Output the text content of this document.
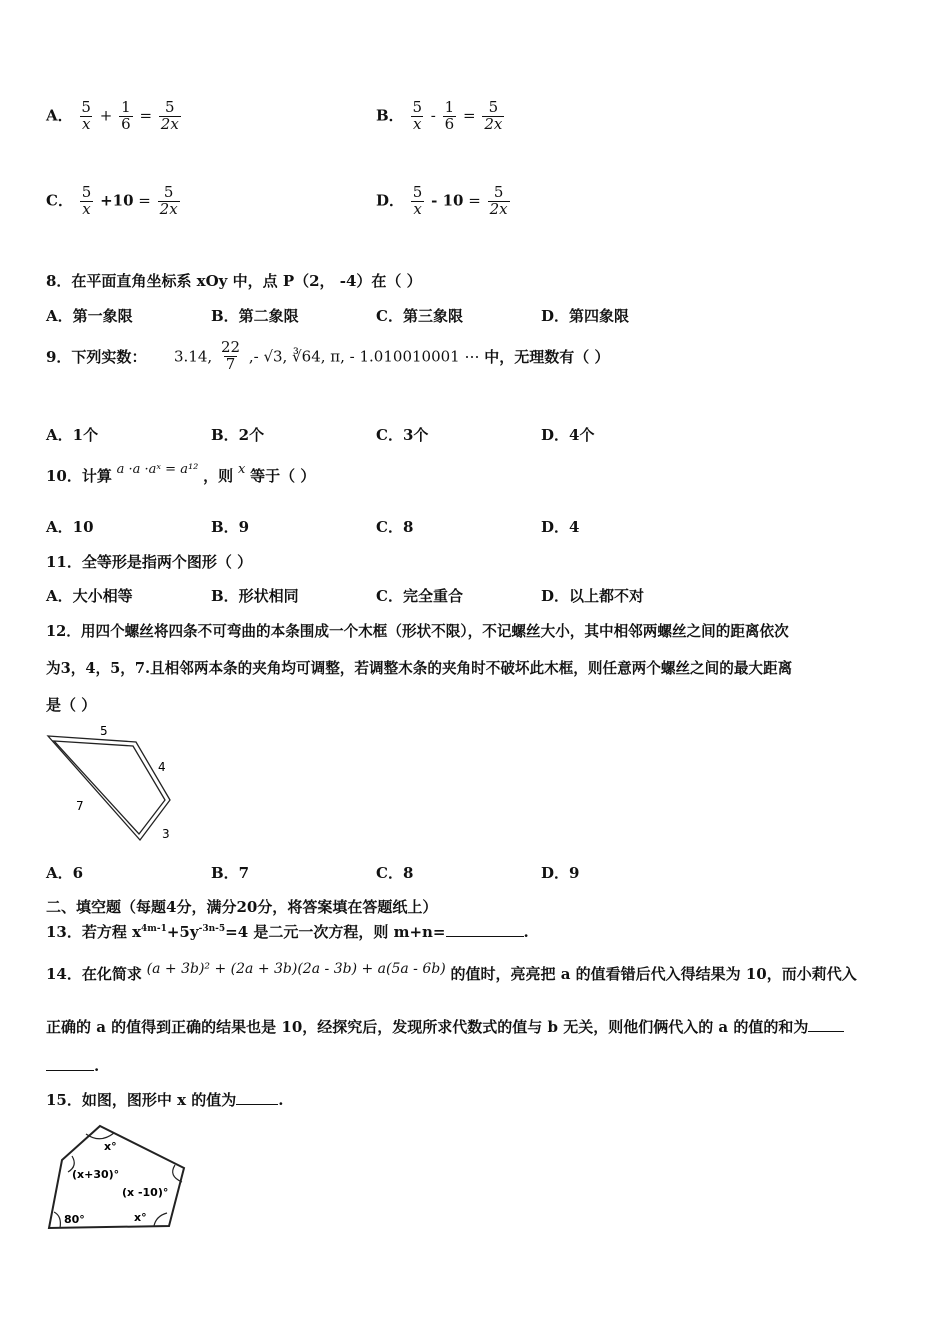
A． $\frac{5}{x} + \frac{1}{6} = \frac{5}{2x}$	B． $\frac{5}{x} - \frac{1}{6} = \frac{5}{2x}$
C． $\frac{5}{x} +10 = \frac{5}{2x}$	D． $\frac{5}{x} - 10 = \frac{5}{2x}$
8．在平面直角坐标系 xOy 中，点 P（2， -4）在（ ）
A．第一象限	B．第二象限	C．第三象限	D．第四象限
9．下列实数： 3.14, $\frac{22}{7}$ ,- √3, ∛64, π, - 1.010010001 ⋯ 中，无理数有（ ）
A．1个	B．2个	C．3个	D．4个
10．计算 a ·a ·aˣ = a¹² ，则 x 等于（ ）
A．10	B．9	C．8	D．4
11．全等形是指两个图形（ ）
A．大小相等	B．形状相同	C．完全重合	D．以上都不对
12．用四个螺丝将四条不可弯曲的本条围成一个木框（形状不限），不记螺丝大小，其中相邻两螺丝之间的距离依次
为3，4，5，7.且相邻两本条的夹角均可调整，若调整木条的夹角时不破坏此木框，则任意两个螺丝之间的最大距离
是（ ）
5
4
7
3
A．6	B．7	C．8	D．9
二、填空题（每题4分，满分20分，将答案填在答题纸上）
13．若方程 $x^{4m-1}+5y^{-3n-5}=4$ 是二元一次方程，则 m+n=	.
14．在化简求 (a + 3b)² + (2a + 3b)(2a - 3b) + a(5a - 6b) 的值时，亮亮把 a 的值看错后代入得结果为 10，而小莉代入
正确的 a 的值得到正确的结果也是 10，经探究后，发现所求代数式的值与 b 无关，则他们俩代入的 a 的值的和为
.
15．如图，图形中 x 的值为	.
x°
(x+30)°
(x -10)°
80°	x°
